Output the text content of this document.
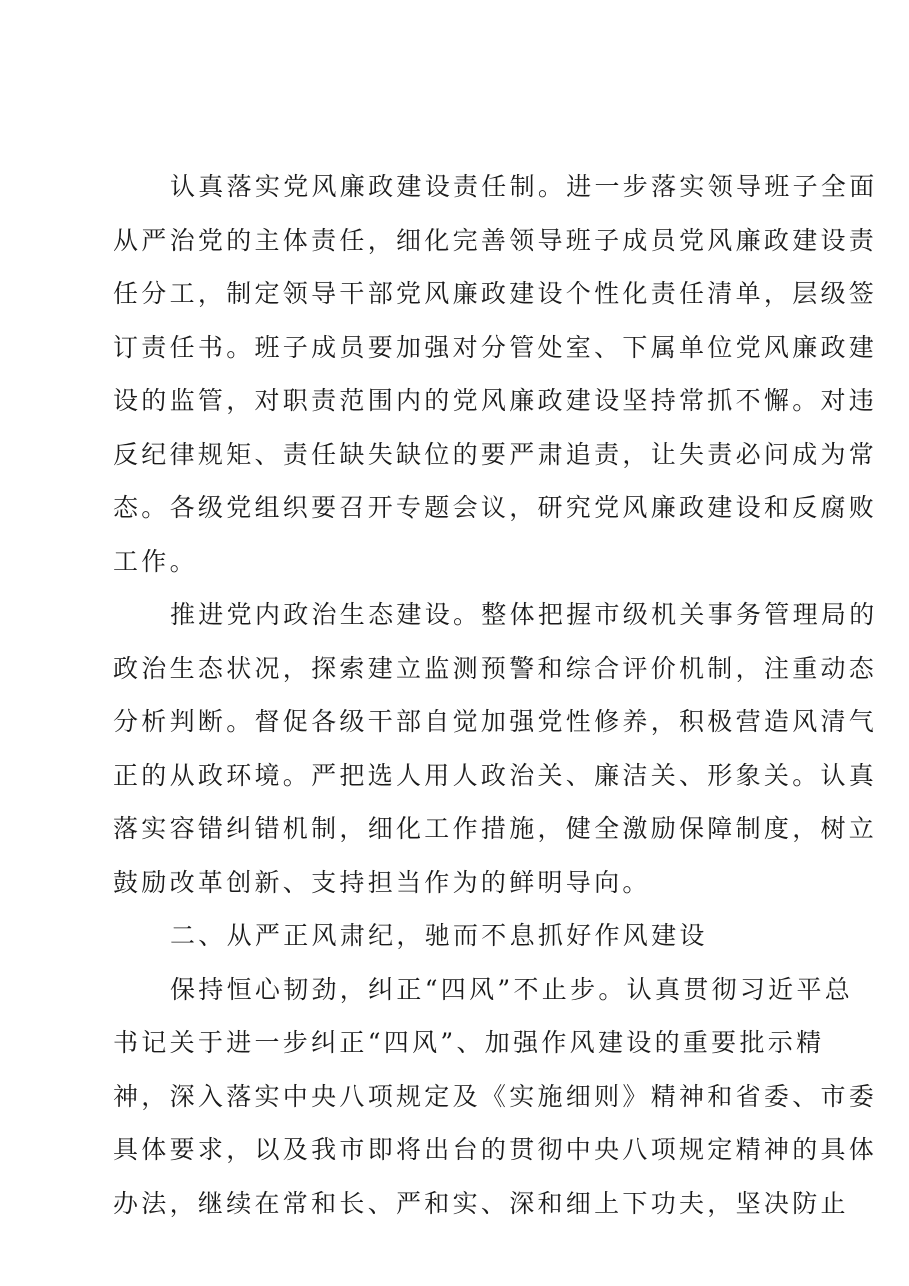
认真落实党风廉政建设责任制。进一步落实领导班子全面
从严治党的主体责任，细化完善领导班子成员党风廉政建设责
任分工，制定领导干部党风廉政建设个性化责任清单，层级签
订责任书。班子成员要加强对分管处室、下属单位党风廉政建
设的监管，对职责范围内的党风廉政建设坚持常抓不懈。对违
反纪律规矩、责任缺失缺位的要严肃追责，让失责必问成为常
态。各级党组织要召开专题会议，研究党风廉政建设和反腐败
工作。

推进党内政治生态建设。整体把握市级机关事务管理局的
政治生态状况，探索建立监测预警和综合评价机制，注重动态
分析判断。督促各级干部自觉加强党性修养，积极营造风清气
正的从政环境。严把选人用人政治关、廉洁关、形象关。认真
落实容错纠错机制，细化工作措施，健全激励保障制度，树立
鼓励改革创新、支持担当作为的鲜明导向。

二、从严正风肃纪，驰而不息抓好作风建设

保持恒心韧劲，纠正“四风”不止步。认真贯彻习近平总
书记关于进一步纠正“四风”、加强作风建设的重要批示精
神，深入落实中央八项规定及《实施细则》精神和省委、市委
具体要求，以及我市即将出台的贯彻中央八项规定精神的具体
办法，继续在常和长、严和实、深和细上下功夫，坚决防止
